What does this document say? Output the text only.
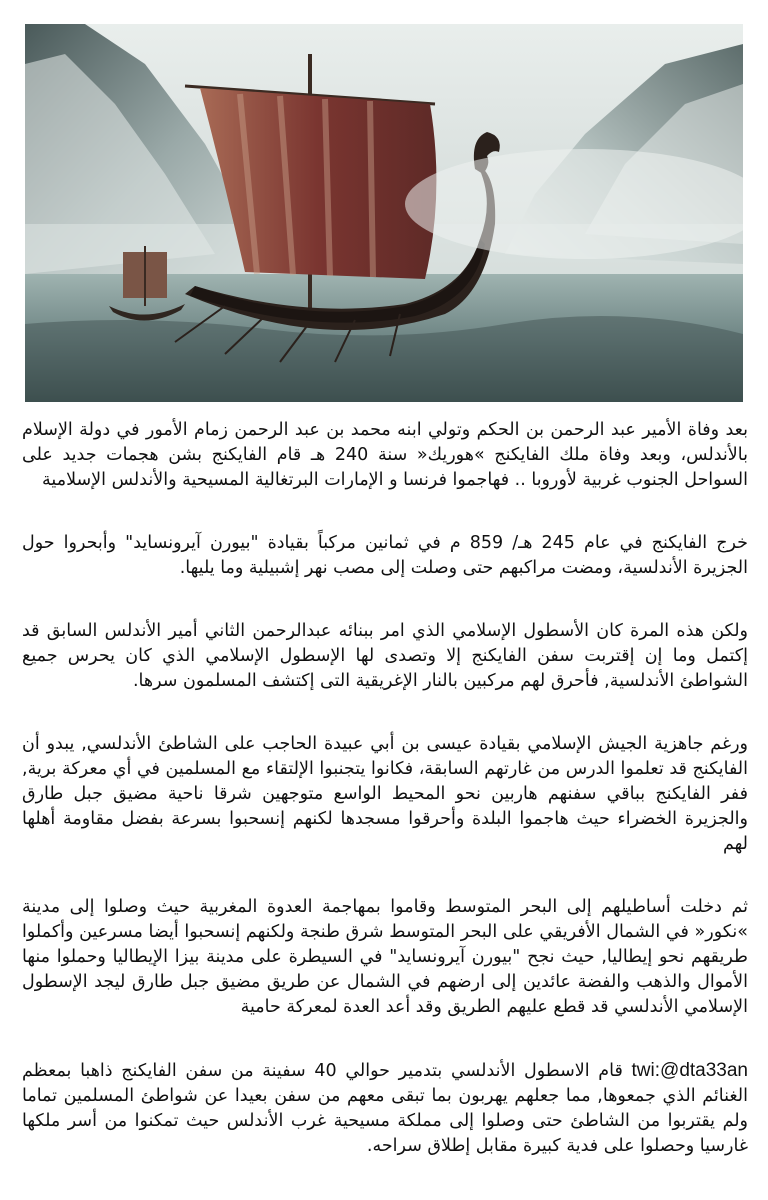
بعد وفاة الأمير عبد الرحمن بن الحكم وتولي ابنه محمد بن عبد الرحمن زمام الأمور في دولة الإسلام بالأندلس، وبعد وفاة ملك الفايكنج »هوريك« سنة 240 هـ قام الفايكنج بشن هجمات جديد على السواحل الجنوب غربية لأوروبا .. فهاجموا فرنسا و الإمارات البرتغالية المسيحية والأندلس الإسلامية

خرج الفايكنج في عام 245 هـ/ 859 م في ثمانين مركباً بقيادة "بيورن آيرونسايد" وأبحروا حول الجزيرة الأندلسية، ومضت مراكبهم حتى وصلت إلى مصب نهر إشبيلية وما يليها.

ولكن هذه المرة كان الأسطول الإسلامي الذي امر ببنائه عبدالرحمن الثاني أمير الأندلس السابق قد إكتمل وما إن إقتربت سفن الفايكنج إلا وتصدى لها الإسطول الإسلامي الذي كان يحرس جميع الشواطئ الأندلسية, فأحرق لهم مركبين بالنار الإغريقية التى إكتشف المسلمون سرها.

ورغم جاهزية الجيش الإسلامي بقيادة عيسى بن أبي عبيدة الحاجب على الشاطئ الأندلسي, يبدو أن الفايكنج قد تعلموا الدرس من غارتهم السابقة، فكانوا يتجنبوا الإلتقاء مع المسلمين في أي معركة برية, ففر الفايكنج بباقي سفنهم هاربين نحو المحيط الواسع متوجهين شرقا ناحية مضيق جبل طارق والجزيرة الخضراء حيث هاجموا البلدة وأحرقوا مسجدها لكنهم إنسحبوا بسرعة بفضل مقاومة أهلها لهم

ثم دخلت أساطيلهم إلى البحر المتوسط وقاموا بمهاجمة العدوة المغربية حيث وصلوا إلى مدينة »نكور« في الشمال الأفريقي على البحر المتوسط شرق طنجة ولكنهم إنسحبوا أيضا مسرعين وأكملوا طريقهم نحو إيطاليا, حيث نجح "بيورن آيرونسايد" في السيطرة على مدينة بيزا الإيطاليا وحملوا منها الأموال والذهب والفضة عائدين إلى ارضهم في الشمال عن طريق مضيق جبل طارق ليجد الإسطول الإسلامي الأندلسي قد قطع عليهم الطريق وقد أعد العدة لمعركة حامية

twi:@dta33an قام الاسطول الأندلسي بتدمير حوالي 40 سفينة من سفن الفايكنج ذاهبا بمعظم الغنائم الذي جمعوها, مما جعلهم يهربون بما تبقى معهم من سفن بعيدا عن شواطئ المسلمين تماما ولم يقتربوا من الشاطئ حتى وصلوا إلى مملكة مسيحية غرب الأندلس حيث تمكنوا من أسر ملكها غارسيا وحصلوا على فدية كبيرة مقابل إطلاق سراحه.
